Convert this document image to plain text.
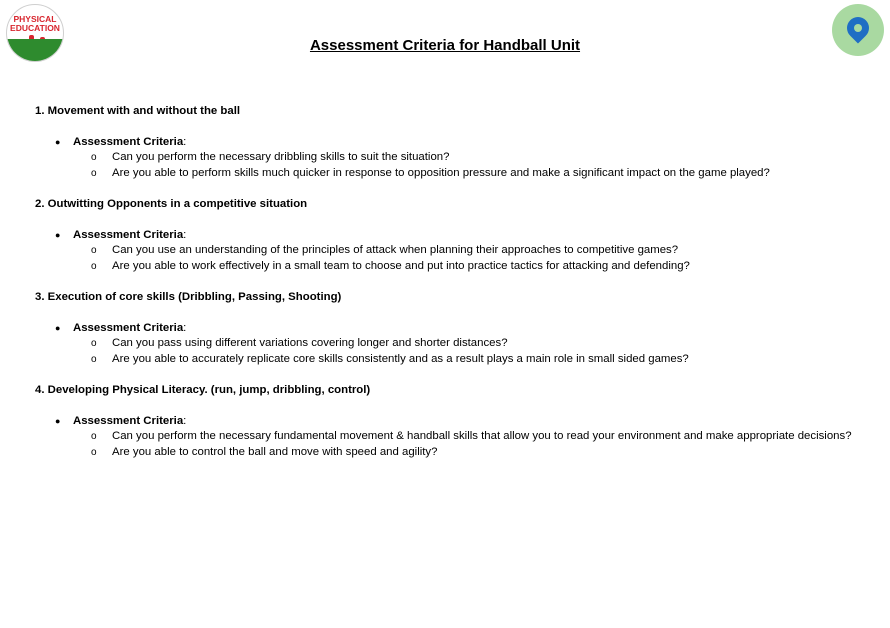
PHYSICAL
EDUCATION
Assessment Criteria for Handball Unit

1. Movement with and without the ball

● Assessment Criteria:
o Can you perform the necessary dribbling skills to suit the situation?
o Are you able to perform skills much quicker in response to opposition pressure and make a significant impact on the game played?

2. Outwitting Opponents in a competitive situation

● Assessment Criteria:
o Can you use an understanding of the principles of attack when planning their approaches to competitive games?
o Are you able to work effectively in a small team to choose and put into practice tactics for attacking and defending?

3. Execution of core skills (Dribbling, Passing, Shooting)

● Assessment Criteria:
o Can you pass using different variations covering longer and shorter distances?
o Are you able to accurately replicate core skills consistently and as a result plays a main role in small sided games?

4. Developing Physical Literacy. (run, jump, dribbling, control)

● Assessment Criteria:
o Can you perform the necessary fundamental movement & handball skills that allow you to read your environment and make appropriate decisions?
o Are you able to control the ball and move with speed and agility?
